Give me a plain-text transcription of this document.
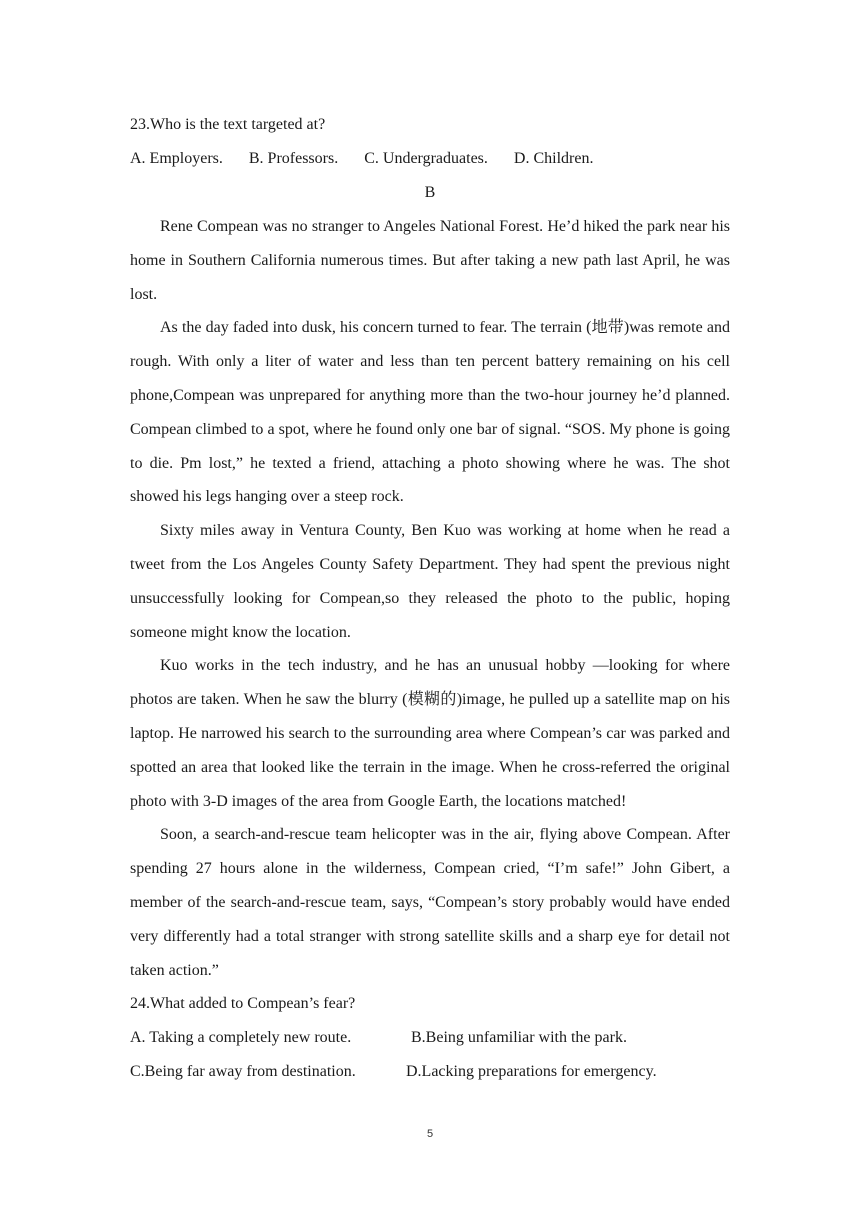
23.Who is the text targeted at?
A. Employers. B. Professors. C. Undergraduates. D. Children.
B

Rene Compean was no stranger to Angeles National Forest. He’d hiked the park near his home in Southern California numerous times. But after taking a new path last April, he was lost.

As the day faded into dusk, his concern turned to fear. The terrain (地带)was remote and rough. With only a liter of water and less than ten percent battery remaining on his cell phone,Compean was unprepared for anything more than the two-hour journey he’d planned. Compean climbed to a spot, where he found only one bar of signal. “SOS. My phone is going to die. Pm lost,” he texted a friend, attaching a photo showing where he was. The shot showed his legs hanging over a steep rock.

Sixty miles away in Ventura County, Ben Kuo was working at home when he read a tweet from the Los Angeles County Safety Department. They had spent the previous night unsuccessfully looking for Compean,so they released the photo to the public, hoping someone might know the location.

Kuo works in the tech industry, and he has an unusual hobby —looking for where photos are taken. When he saw the blurry (模糊的)image, he pulled up a satellite map on his laptop. He narrowed his search to the surrounding area where Compean’s car was parked and spotted an area that looked like the terrain in the image. When he cross-referred the original photo with 3-D images of the area from Google Earth, the locations matched!

Soon, a search-and-rescue team helicopter was in the air, flying above Compean. After spending 27 hours alone in the wilderness, Compean cried, “I’m safe!” John Gibert, a member of the search-and-rescue team, says, “Compean’s story probably would have ended very differently had a total stranger with strong satellite skills and a sharp eye for detail not taken action.”

24.What added to Compean’s fear?
A. Taking a completely new route.	B.Being unfamiliar with the park.
C.Being far away from destination.	D.Lacking preparations for emergency.
5
